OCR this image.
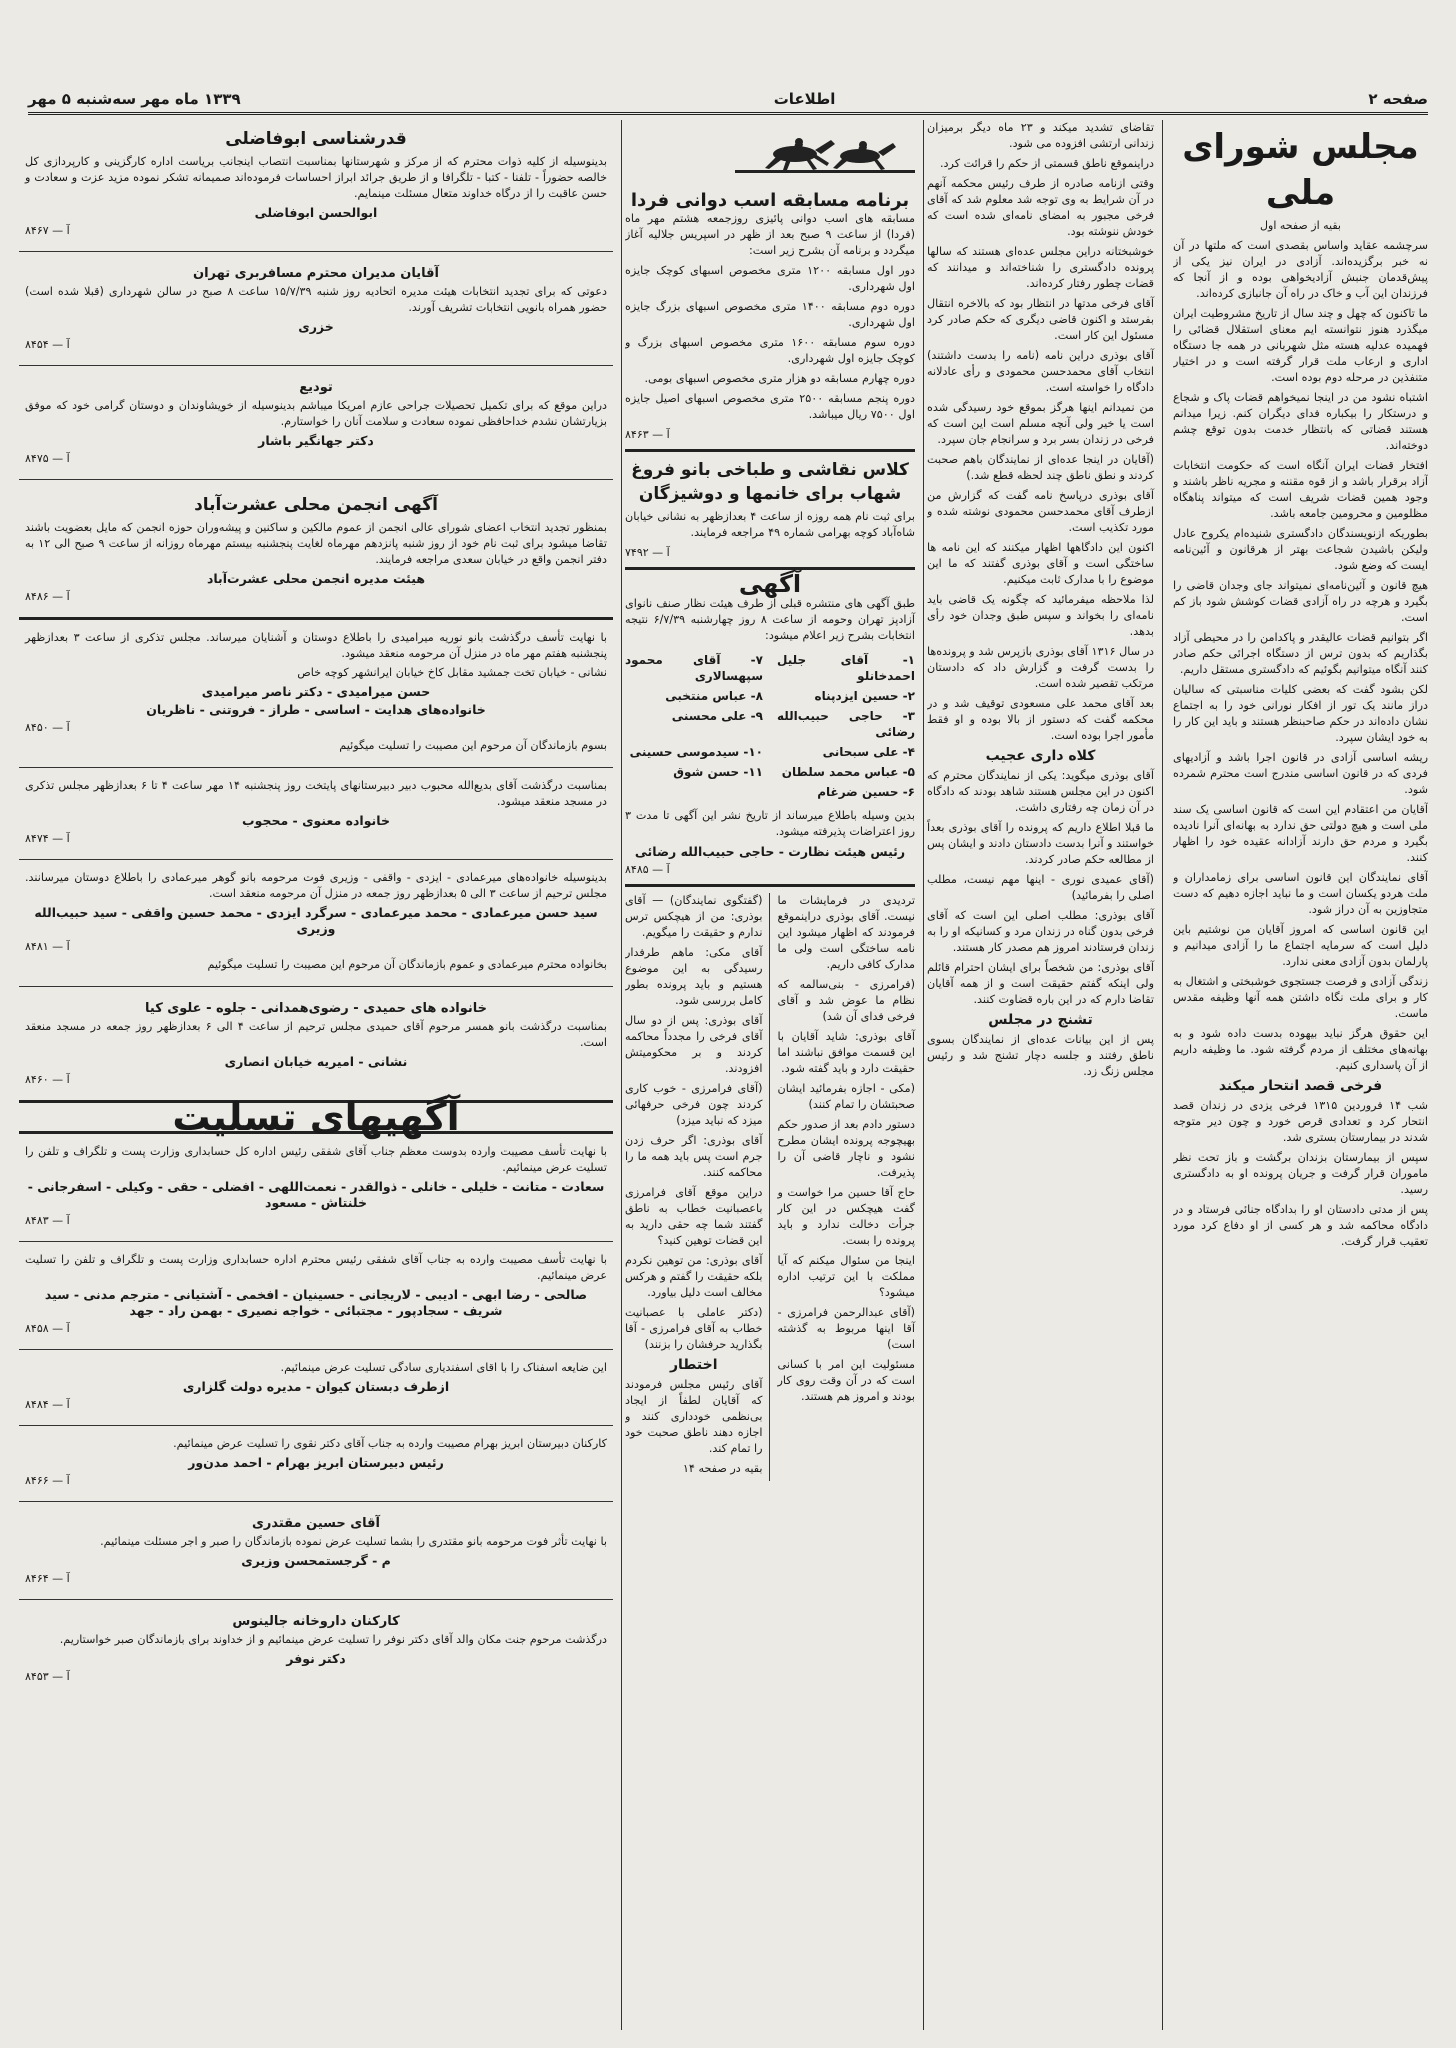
صفحه ۲
اطلاعات
۱۳۳۹ ماه مهر سه‌شنبه ۵ مهر
مجلس شورای ملی
بقیه از صفحه اول

سرچشمه عقاید واساس بقصدی است که ملتها در آن نه خبر برگزیده‌اند. آزادی در ایران نیز یکی از پیش‌قدمان جنبش آزادیخواهی بوده و از آنجا که فرزندان این آب و خاک در راه آن جانبازی کرده‌اند.

ما تاکنون که چهل و چند سال از تاریخ مشروطیت ایران میگذرد هنوز نتوانسته ایم معنای استقلال قضائی را فهمیده عدلیه هسته مثل شهربانی در همه جا دستگاه اداری و ارعاب ملت قرار گرفته است و در اختیار متنفذین در مرحله دوم بوده است.

اشتباه نشود من در اینجا نمیخواهم قضات پاک و شجاع و درستکار را بیکباره فدای دیگران کنم. زیرا میدانم هستند قضاتی که بانتظار خدمت بدون توقع چشم دوخته‌اند.

افتخار قضات ایران آنگاه است که حکومت انتخابات آزاد برقرار باشد و از قوه مقننه و مجریه ناظر باشند و وجود همین قضات شریف است که میتواند پناهگاه مظلومین و محرومین جامعه باشد.

بطوریکه ازنویسندگان دادگستری شنیده‌ام یکروح عادل ولیکن باشیدن شجاعت بهتر از هرقانون و آئین‌نامه ایست که وضع شود.

هیچ قانون و آئین‌نامه‌ای نمیتواند جای وجدان قاضی را بگیرد و هرچه در راه آزادی قضات کوشش شود باز کم است.

اگر بتوانیم قضات عالیقدر و پاکدامن را در محیطی آزاد بگذاریم که بدون ترس از دستگاه اجرائی حکم صادر کنند آنگاه میتوانیم بگوئیم که دادگستری مستقل داریم.

لکن بشود گفت که بعضی کلیات مناسبتی که سالیان دراز مانند یک تور از افکار نورانی خود را به اجتماع نشان داده‌اند در حکم صاحبنظر هستند و باید این کار را به خود ایشان سپرد.

ریشه اساسی آزادی در قانون اجرا باشد و آزادیهای فردی که در قانون اساسی مندرج است محترم شمرده شود.

آقایان من اعتقادم این است که قانون اساسی یک سند ملی است و هیچ دولتی حق ندارد به بهانه‌ای آنرا نادیده بگیرد و مردم حق دارند آزادانه عقیده خود را اظهار کنند.

آقای نمایندگان این قانون اساسی برای زمامداران و ملت هردو یکسان است و ما نباید اجازه دهیم که دست متجاوزین به آن دراز شود.

این قانون اساسی که امروز آقایان من نوشتیم باین دلیل است که سرمایه اجتماع ما را آزادی میدانیم و پارلمان بدون آزادی معنی ندارد.

زندگی آزادی و فرصت جستجوی خوشبختی و اشتغال به کار و برای ملت نگاه داشتن همه آنها وظیفه مقدس ماست.

این حقوق هرگز نباید بیهوده بدست داده شود و به بهانه‌های مختلف از مردم گرفته شود. ما وظیفه داریم از آن پاسداری کنیم.

فرخی قصد انتحار میکند

شب ۱۴ فروردین ۱۳۱۵ فرخی یزدی در زندان قصد انتحار کرد و تعدادی قرص خورد و چون دیر متوجه شدند در بیمارستان بستری شد.

سپس از بیمارستان بزندان برگشت و باز تحت نظر ماموران قرار گرفت و جریان پرونده او به دادگستری رسید.

پس از مدتی دادستان او را بدادگاه جنائی فرستاد و در دادگاه محاکمه شد و هر کسی از او دفاع کرد مورد تعقیب قرار گرفت.

تقاضای تشدید میکند و ۲۳ ماه دیگر برمیزان زندانی ارتشی افزوده می شود.

دراینموقع ناطق قسمتی از حکم را قرائت کرد.

وقتی ازنامه صادره از طرف رئیس محکمه آنهم در آن شرایط به وی توجه شد معلوم شد که آقای فرخی مجبور به امضای نامه‌ای شده است که خودش ننوشته بود.

خوشبختانه دراین مجلس عده‌ای هستند که سالها پرونده دادگستری را شناخته‌اند و میدانند که قضات چطور رفتار کرده‌اند.

آقای فرخی مدتها در انتظار بود که بالاخره انتقال بفرستد و اکنون قاضی دیگری که حکم صادر کرد مسئول این کار است.

آقای بوذری دراین نامه (نامه را بدست داشتند) انتخاب آقای محمدحسن محمودی و رأی عادلانه دادگاه را خواسته است.

من نمیدانم اینها هرگز بموقع خود رسیدگی شده است یا خیر ولی آنچه مسلم است این است که فرخی در زندان بسر برد و سرانجام جان سپرد.

(آقایان در اینجا عده‌ای از نمایندگان باهم صحبت کردند و نطق ناطق چند لحظه قطع شد.)

آقای بوذری درپاسخ نامه گفت که گزارش من ازطرف آقای محمدحسن محمودی نوشته شده و مورد تکذیب است.

اکنون این دادگاهها اظهار میکنند که این نامه ها ساختگی است و آقای بوذری گفتند که ما این موضوع را با مدارک ثابت میکنیم.

لذا ملاحظه میفرمائید که چگونه یک قاضی باید نامه‌ای را بخواند و سپس طبق وجدان خود رأی بدهد.

در سال ۱۳۱۶ آقای بوذری بازپرس شد و پرونده‌ها را بدست گرفت و گزارش داد که دادستان مرتکب تقصیر شده است.

بعد آقای محمد علی مسعودی توقیف شد و در محکمه گفت که دستور از بالا بوده و او فقط مأمور اجرا بوده است.

کلاه داری عجیب

آقای بوذری میگوید: یکی از نمایندگان محترم که اکنون در این مجلس هستند شاهد بودند که دادگاه در آن زمان چه رفتاری داشت.

ما قبلا اطلاع داریم که پرونده را آقای بوذری بعداً خواستند و آنرا بدست دادستان دادند و ایشان پس از مطالعه حکم صادر کردند.

(آقای عمیدی نوری - اینها مهم نیست، مطلب اصلی را بفرمائید)

آقای بوذری: مطلب اصلی این است که آقای فرخی بدون گناه در زندان مرد و کسانیکه او را به زندان فرستادند امروز هم مصدر کار هستند.

آقای بوذری: من شخصاً برای ایشان احترام قائلم ولی اینکه گفتم حقیقت است و از همه آقایان تقاضا دارم که در این باره قضاوت کنند.

تشنج در مجلس

پس از این بیانات عده‌ای از نمایندگان بسوی ناطق رفتند و جلسه دچار تشنج شد و رئیس مجلس زنگ زد.

برنامه مسابقه اسب دوانی فردا

مسابقه های اسب دوانی پائیزی روزجمعه هشتم مهر ماه (فردا) از ساعت ۹ صبح بعد از ظهر در اسپریس جلالیه آغاز میگردد و برنامه آن بشرح زیر است:

دور اول مسابقه ۱۲۰۰ متری مخصوص اسبهای کوچک جایزه اول شهرداری.

دوره دوم مسابقه ۱۴۰۰ متری مخصوص اسبهای بزرگ جایزه اول شهرداری.

دوره سوم مسابقه ۱۶۰۰ متری مخصوص اسبهای بزرگ و کوچک جایزه اول شهرداری.

دوره چهارم مسابقه دو هزار متری مخصوص اسبهای بومی.

دوره پنجم مسابقه ۲۵۰۰ متری مخصوص اسبهای اصیل جایزه اول ۷۵۰۰ ریال میباشد.

۸۴۶۳ — آ
کلاس نقاشی و طباخی بانو فروغ شهاب برای خانمها و دوشیزگان

برای ثبت نام همه روزه از ساعت ۴ بعدازظهر به نشانی خیابان شاه‌آباد کوچه بهرامی شماره ۴۹ مراجعه فرمایند.

۷۴۹۲ — آ
آگهی

طبق آگهی های منتشره قبلی از طرف هیئت نظار صنف نانوای آزادپز تهران وحومه از ساعت ۸ روز چهارشنبه ۶/۷/۳۹ نتیجه انتخابات بشرح زیر اعلام میشود:

۱- آقای جلیل احمدخانلو
۷- آقای محمود سپهسالاری
۲- حسین ایزدپناه
۸- عباس منتخبی
۳- حاجی حبیب‌الله رضائی
۹- علی محسنی
۴- علی سبحانی
۱۰- سیدموسی حسینی
۵- عباس محمد سلطان
۱۱- حسن شوق
۶- حسین ضرغام

بدین وسیله باطلاع میرساند از تاریخ نشر این آگهی تا مدت ۳ روز اعتراضات پذیرفته میشود.

رئیس هیئت نظارت - حاجی حبیب‌الله رضائی
۸۴۸۵ — آ

تردیدی در فرمایشات ما نیست. آقای بوذری دراینموقع فرمودند که اظهار میشود این نامه ساختگی است ولی ما مدارک کافی داریم.

(فرامرزی - بنی‌سالمه که نظام ما عوض شد و آقای فرخی فدای آن شد)

آقای بوذری: شاید آقایان با این قسمت موافق نباشند اما حقیقت دارد و باید گفته شود.

(مکی - اجازه بفرمائید ایشان صحبتشان را تمام کنند)

دستور دادم بعد از صدور حکم بهیچوجه پرونده ایشان مطرح نشود و ناچار قاضی آن را پذیرفت.

حاج آقا حسین مرا خواست و گفت هیچکس در این کار جرأت دخالت ندارد و باید پرونده را بست.

اینجا من سئوال میکنم که آیا مملکت با این ترتیب اداره میشود؟

(آقای عبدالرحمن فرامرزی - آقا اینها مربوط به گذشته است)

مسئولیت این امر با کسانی است که در آن وقت روی کار بودند و امروز هم هستند.

(گفتگوی نمایندگان) — آقای بوذری: من از هیچکس ترس ندارم و حقیقت را میگویم.

آقای مکی: ماهم طرفدار رسیدگی به این موضوع هستیم و باید پرونده بطور کامل بررسی شود.

آقای بوذری: پس از دو سال آقای فرخی را مجدداً محاکمه کردند و بر محکومیتش افزودند.

(آقای فرامرزی - خوب کاری کردند چون فرخی حرفهائی میزد که نباید میزد)

آقای بوذری: اگر حرف زدن جرم است پس باید همه ما را محاکمه کنند.

دراین موقع آقای فرامرزی باعصبانیت خطاب به ناطق گفتند شما چه حقی دارید به این قضات توهین کنید؟

آقای بوذری: من توهین نکردم بلکه حقیقت را گفتم و هرکس مخالف است دلیل بیاورد.

(دکتر عاملی با عصبانیت خطاب به آقای فرامرزی - آقا بگذارید حرفشان را بزنند)

اختطار

آقای رئیس مجلس فرمودند که آقایان لطفاً از ایجاد بی‌نظمی خودداری کنند و اجازه دهند ناطق صحبت خود را تمام کند.

بقیه در صفحه ۱۴

قدرشناسی ابوفاضلی

بدینوسیله از کلیه ذوات محترم که از مرکز و شهرستانها بمناسبت انتصاب اینجانب بریاست اداره کارگزینی و کارپردازی کل خالصه حضوراً - تلفنا - کتبا - تلگرافا و از طریق جرائد ابراز احساسات فرموده‌اند صمیمانه تشکر نموده مزید عزت و سعادت و حسن عاقبت را از درگاه خداوند متعال مسئلت مینمایم.

ابوالحسن ابوفاضلی
۸۴۶۷ — آ
آقایان مدیران محترم مسافربری تهران

دعوتی که برای تجدید انتخابات هیئت مدیره اتحادیه روز شنبه ۱۵/۷/۳۹ ساعت ۸ صبح در سالن شهرداری (قبلا شده است) حضور همراه بانویی انتخابات تشریف آورند.

خزری
۸۴۵۴ — آ
تودیع

دراین موقع که برای تکمیل تحصیلات جراحی عازم امریکا میباشم بدینوسیله از خویشاوندان و دوستان گرامی خود که موفق بزیارتشان نشدم خداحافظی نموده سعادت و سلامت آنان را خواستارم.

دکتر جهانگیر باشار
۸۴۷۵ — آ
آگهی انجمن محلی عشرت‌آباد

بمنظور تجدید انتخاب اعضای شورای عالی انجمن از عموم مالکین و ساکنین و پیشه‌وران حوزه انجمن که مایل بعضویت باشند تقاضا میشود برای ثبت نام خود از روز شنبه پانزدهم مهرماه لغایت پنجشنبه بیستم مهرماه روزانه از ساعت ۹ صبح الی ۱۲ به دفتر انجمن واقع در خیابان سعدی مراجعه فرمایند.

هیئت مدیره انجمن محلی عشرت‌آباد
۸۴۸۶ — آ

با نهایت تأسف درگذشت بانو نوریه میرامیدی را باطلاع دوستان و آشنایان میرساند. مجلس تذکری از ساعت ۳ بعدازظهر پنجشنبه هفتم مهر ماه در منزل آن مرحومه منعقد میشود.

نشانی - خیابان تخت جمشید مقابل کاخ خیابان ایرانشهر کوچه خاص

حسن میرامیدی - دکتر ناصر میرامیدی
خانواده‌های هدایت - اساسی - طراز - فروتنی - ناظریان
۸۴۵۰ — آ

بسوم بازماندگان آن مرحوم این مصیبت را تسلیت میگوئیم

بمناسبت درگذشت آقای بدیع‌الله محبوب دبیر دبیرستانهای پایتخت روز پنجشنبه ۱۴ مهر ساعت ۴ تا ۶ بعدازظهر مجلس تذکری در مسجد منعقد میشود.

خانواده معنوی - محجوب
۸۴۷۴ — آ

بدینوسیله خانواده‌های میرعمادی - ایزدی - واقفی - وزیری فوت مرحومه بانو گوهر میرعمادی را باطلاع دوستان میرسانند. مجلس ترحیم از ساعت ۳ الی ۵ بعدازظهر روز جمعه در منزل آن مرحومه منعقد است.

سید حسن میرعمادی - محمد میرعمادی - سرگرد ایزدی - محمد حسین واقفی - سید حبیب‌الله وزیری
۸۴۸۱ — آ

بخانواده محترم میرعمادی و عموم بازماندگان آن مرحوم این مصیبت را تسلیت میگوئیم

خانواده های حمیدی - رضوی‌همدانی - جلوه - علوی کیا

بمناسبت درگذشت بانو همسر مرحوم آقای حمیدی مجلس ترحیم از ساعت ۴ الی ۶ بعدازظهر روز جمعه در مسجد منعقد است.

نشانی - امیریه خیابان انصاری
۸۴۶۰ — آ
آگهیهای تسلیت

با نهایت تأسف مصیبت وارده بدوست معظم جناب آقای شفقی رئیس اداره کل حسابداری وزارت پست و تلگراف و تلفن را تسلیت عرض مینمائیم.

سعادت - متانت - خلیلی - خانلی - ذوالقدر - نعمت‌اللهی - افضلی - حقی - وکیلی - اسفرجانی - خلنتاش - مسعود
۸۴۸۳ — آ

با نهایت تأسف مصیبت وارده به جناب آقای شفقی رئیس محترم اداره حسابداری وزارت پست و تلگراف و تلفن را تسلیت عرض مینمائیم.

صالحی - رضا ابهی - ادیبی - لاریجانی - حسینیان - افخمی - آشتیانی - مترجم مدنی - سید شریف - سجادپور - مجتبائی - خواجه نصیری - بهمن راد - جهد
۸۴۵۸ — آ

این ضایعه اسفناک را با اقای اسفندیاری سادگی تسلیت عرض مینمائیم.

ازطرف دبستان کیوان - مدیره دولت گلزاری
۸۴۸۴ — آ

کارکنان دبیرستان ابریز بهرام مصیبت وارده به جناب آقای دکتر نقوی را تسلیت عرض مینمائیم.

رئیس دبیرستان ابریز بهرام - احمد مدن‌ور
۸۴۶۶ — آ
آقای حسین مقتدری

با نهایت تأثر فوت مرحومه بانو مقتدری را بشما تسلیت عرض نموده بازماندگان را صبر و اجر مسئلت مینمائیم.

م - گرجستمحسن وزیری
۸۴۶۴ — آ
کارکنان داروخانه جالینوس

درگذشت مرحوم جنت مکان والد آقای دکتر نوفر را تسلیت عرض مینمائیم و از خداوند برای بازماندگان صبر خواستاریم.

دکتر نوفر
۸۴۵۳ — آ
